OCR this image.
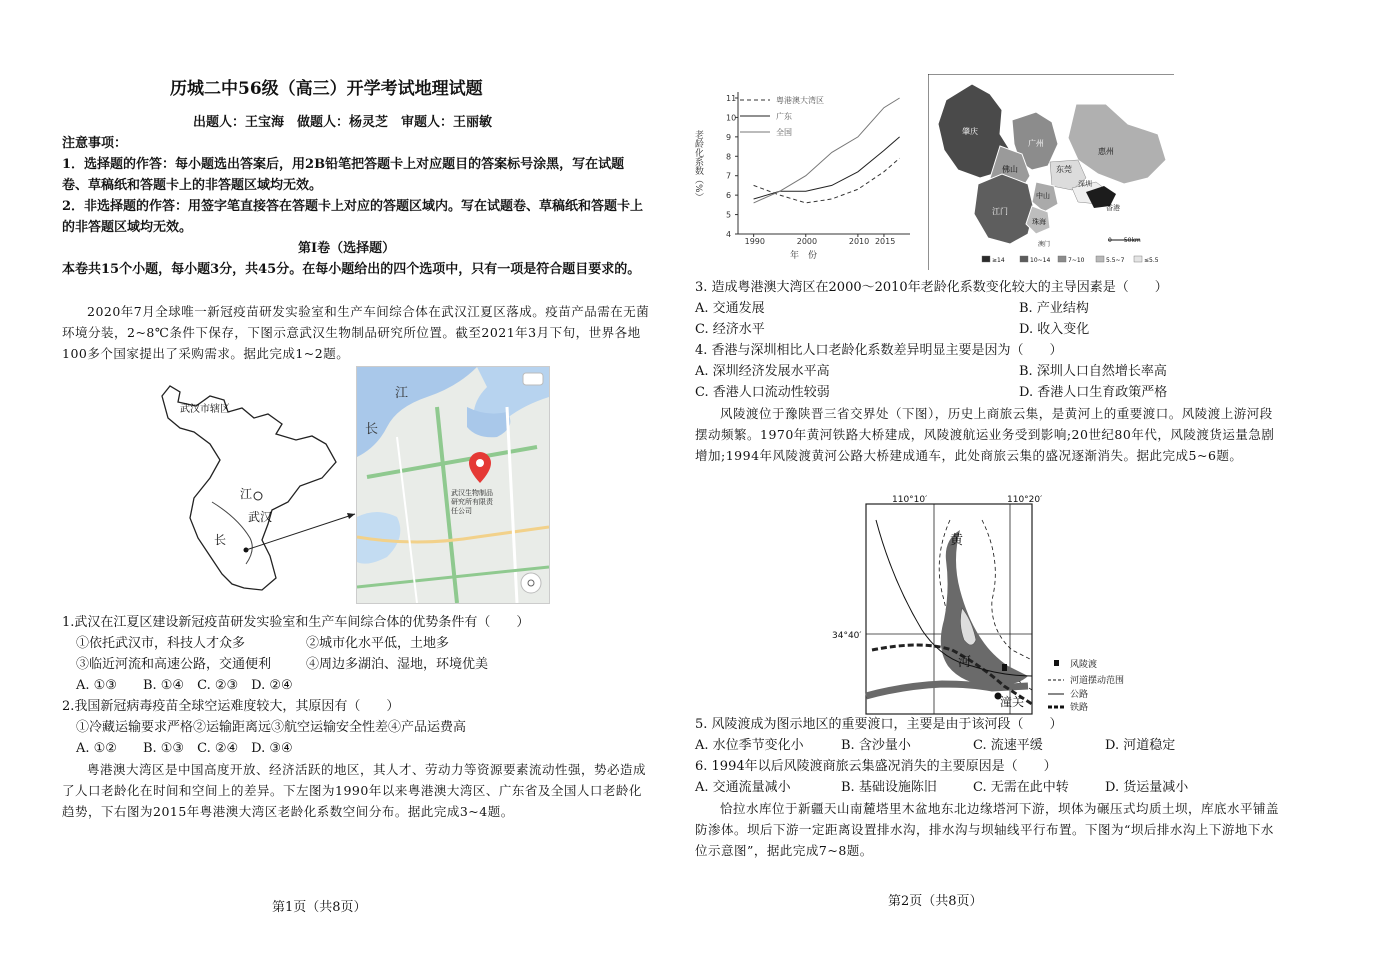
历城二中56级（高三）开学考试地理试题
出题人：王宝海　做题人：杨灵芝　审题人：王丽敏
注意事项：
1．选择题的作答：每小题选出答案后，用2B铅笔把答题卡上对应题目的答案标号涂黑，写在试题卷、草稿纸和答题卡上的非答题区域均无效。
2．非选择题的作答：用签字笔直接答在答题卡上对应的答题区域内。写在试题卷、草稿纸和答题卡上的非答题区域均无效。
第Ⅰ卷（选择题）
本卷共15个小题，每小题3分，共45分。在每小题给出的四个选项中，只有一项是符合题目要求的。
2020年7月全球唯一新冠疫苗研发实验室和生产车间综合体在武汉江夏区落成。疫苗产品需在无菌环境分装，2~8℃条件下保存，下图示意武汉生物制品研究所位置。截至2021年3月下旬，世界各地100多个国家提出了采购需求。据此完成1~2题。
武汉市辖区
江
武汉
长
江
长
武汉生物制品研究所有限责任公司
1.武汉在江夏区建设新冠疫苗研发实验室和生产车间综合体的优势条件有（　　）
①依托武汉市，科技人才众多	②城市化水平低，土地多
③临近河流和高速公路，交通便利	④周边多湖泊、湿地，环境优美
A. ①③　　B. ①④　C. ②③　D. ②④
2.我国新冠病毒疫苗全球空运难度较大，其原因有（　　）
①冷藏运输要求严格②运输距离远③航空运输安全性差④产品运费高
A. ①②　　B. ①③　C. ②④　D. ③④
粤港澳大湾区是中国高度开放、经济活跃的地区，其人才、劳动力等资源要素流动性强，势必造成了人口老龄化在时间和空间上的差异。下左图为1990年以来粤港澳大湾区、广东省及全国人口老龄化趋势，下右图为2015年粤港澳大湾区老龄化系数空间分布。据此完成3~4题。
第1页（共8页）
4
5
6
7
8
9
10
11
1990	2000	2010 2015
粤港澳大湾区
广东
全国
老龄化系数（%）
年　份
肇庆
广州
惠州
佛山	东莞
深圳
中山
江门
珠海
澳门
香港
0　　50km
≥14	10~14	7~10	5.5~7	≤5.5
3. 造成粤港澳大湾区在2000～2010年老龄化系数变化较大的主导因素是（　　）
A. 交通发展	B. 产业结构
C. 经济水平	D. 收入变化
4. 香港与深圳相比人口老龄化系数差异明显主要是因为（　　）
A. 深圳经济发展水平高	B. 深圳人口自然增长率高
C. 香港人口流动性较弱	D. 香港人口生育政策严格
风陵渡位于豫陕晋三省交界处（下图），历史上商旅云集，是黄河上的重要渡口。风陵渡上游河段摆动频繁。1970年黄河铁路大桥建成，风陵渡航运业务受到影响;20世纪80年代，风陵渡货运量急剧增加;1994年风陵渡黄河公路大桥建成通车，此处商旅云集的盛况逐渐消失。据此完成5~6题。
110°10′	110°20′
34°40′
黄
河
潼关
风陵渡
河道摆动范围
公路
铁路
5. 风陵渡成为图示地区的重要渡口，主要是由于该河段（　　）
A. 水位季节变化小	B. 含沙量小	C. 流速平缓	D. 河道稳定
6. 1994年以后风陵渡商旅云集盛况消失的主要原因是（　　）
A. 交通流量减小	B. 基础设施陈旧	C. 无需在此中转	D. 货运量减小
恰拉水库位于新疆天山南麓塔里木盆地东北边缘塔河下游，坝体为碾压式均质土坝，库底水平铺盖防渗体。坝后下游一定距离设置排水沟，排水沟与坝轴线平行布置。下图为“坝后排水沟上下游地下水位示意图”，据此完成7~8题。
第2页（共8页）
